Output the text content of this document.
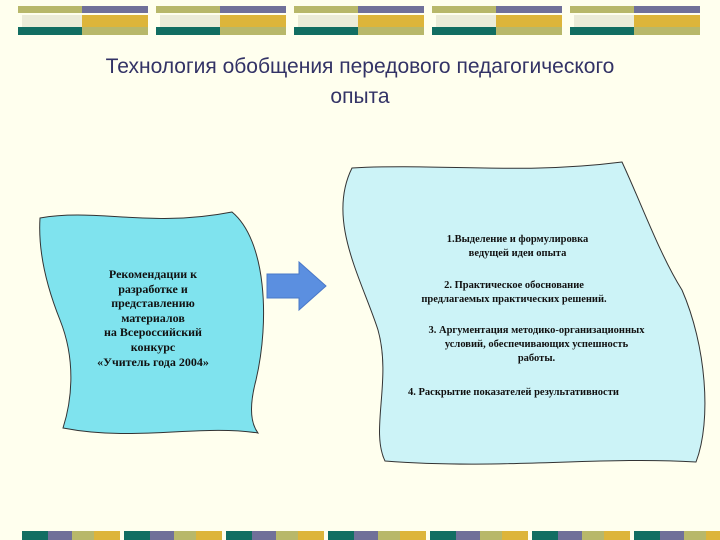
Технология обобщения передового педагогического
опыта
Рекомендации к
разработке и
представлению
материалов
на Всероссийский
конкурс
«Учитель года 2004»
1.Выделение и формулировка
ведущей идеи опыта
2. Практическое обоснование
предлагаемых практических решений.
3. Аргументация методико-организационных
условий, обеспечивающих успешность
работы.
4. Раскрытие показателей результативности
